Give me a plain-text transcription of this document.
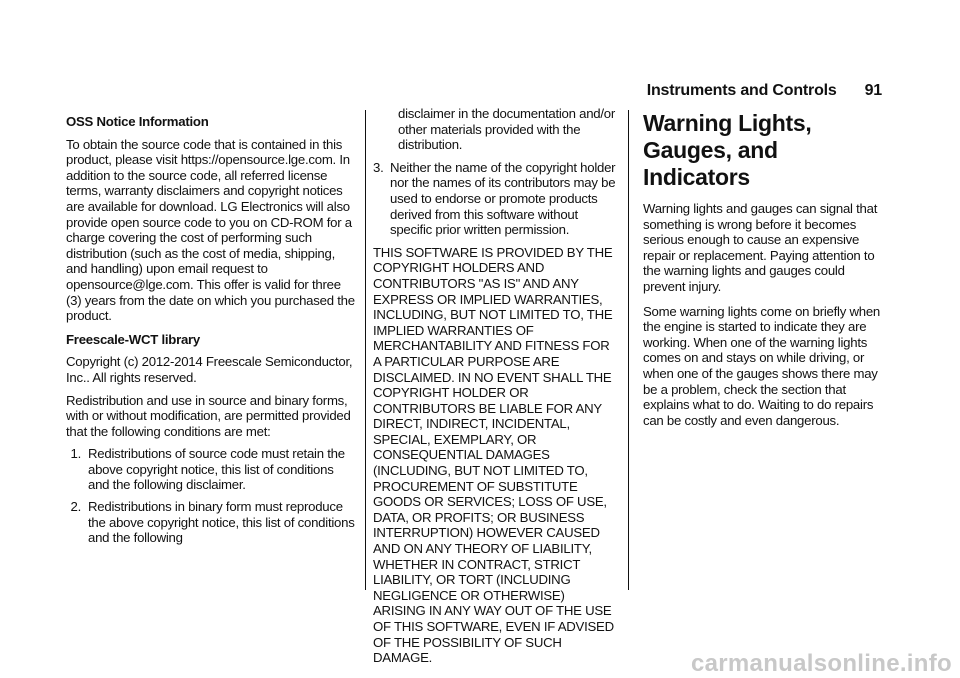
Instruments and Controls 91

OSS Notice Information

To obtain the source code that is contained in this product, please visit https://opensource.lge.com. In addition to the source code, all referred license terms, warranty disclaimers and copyright notices are available for download. LG Electronics will also provide open source code to you on CD-ROM for a charge covering the cost of performing such distribution (such as the cost of media, shipping, and handling) upon email request to opensource@lge.com. This offer is valid for three (3) years from the date on which you purchased the product.

Freescale-WCT library

Copyright (c) 2012-2014 Freescale Semiconductor, Inc.. All rights reserved.

Redistribution and use in source and binary forms, with or without modification, are permitted provided that the following conditions are met:

1. Redistributions of source code must retain the above copyright notice, this list of conditions and the following disclaimer.
2. Redistributions in binary form must reproduce the above copyright notice, this list of conditions and the following

disclaimer in the documentation and/or other materials provided with the distribution.

3. Neither the name of the copyright holder nor the names of its contributors may be used to endorse or promote products derived from this software without specific prior written permission.

THIS SOFTWARE IS PROVIDED BY THE COPYRIGHT HOLDERS AND CONTRIBUTORS "AS IS" AND ANY EXPRESS OR IMPLIED WARRANTIES, INCLUDING, BUT NOT LIMITED TO, THE IMPLIED WARRANTIES OF MERCHANTABILITY AND FITNESS FOR A PARTICULAR PURPOSE ARE DISCLAIMED. IN NO EVENT SHALL THE COPYRIGHT HOLDER OR CONTRIBUTORS BE LIABLE FOR ANY DIRECT, INDIRECT, INCIDENTAL, SPECIAL, EXEMPLARY, OR CONSEQUENTIAL DAMAGES (INCLUDING, BUT NOT LIMITED TO, PROCUREMENT OF SUBSTITUTE GOODS OR SERVICES; LOSS OF USE, DATA, OR PROFITS; OR BUSINESS INTERRUPTION) HOWEVER CAUSED AND ON ANY THEORY OF LIABILITY, WHETHER IN CONTRACT, STRICT LIABILITY, OR TORT (INCLUDING NEGLIGENCE OR OTHERWISE) ARISING IN ANY WAY OUT OF THE USE OF THIS SOFTWARE, EVEN IF ADVISED OF THE POSSIBILITY OF SUCH DAMAGE.

Warning Lights, Gauges, and Indicators

Warning lights and gauges can signal that something is wrong before it becomes serious enough to cause an expensive repair or replacement. Paying attention to the warning lights and gauges could prevent injury.

Some warning lights come on briefly when the engine is started to indicate they are working. When one of the warning lights comes on and stays on while driving, or when one of the gauges shows there may be a problem, check the section that explains what to do. Waiting to do repairs can be costly and even dangerous.

carmanualsonline.info
